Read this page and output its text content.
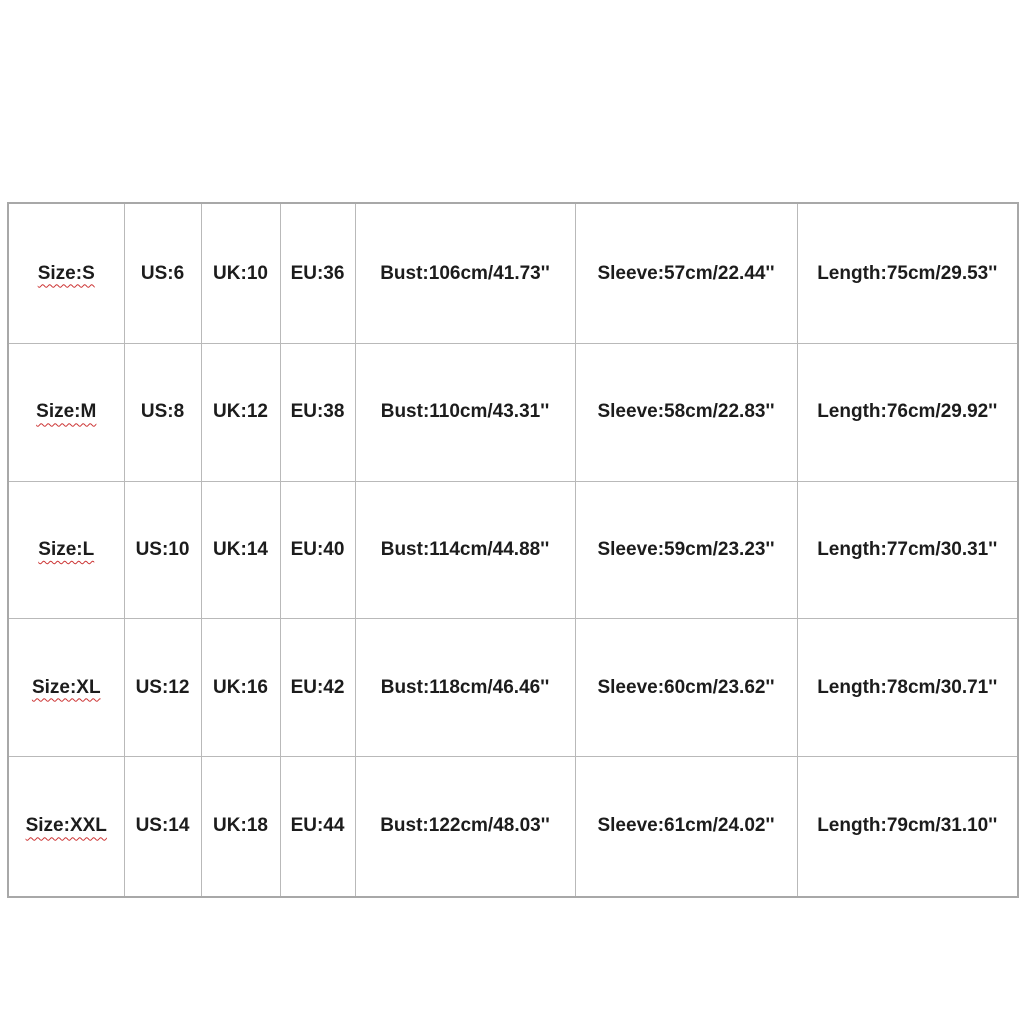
Size:S	US:6	UK:10	EU:36	Bust:106cm/41.73''	Sleeve:57cm/22.44''	Length:75cm/29.53''
Size:M	US:8	UK:12	EU:38	Bust:110cm/43.31''	Sleeve:58cm/22.83''	Length:76cm/29.92''
Size:L	US:10	UK:14	EU:40	Bust:114cm/44.88''	Sleeve:59cm/23.23''	Length:77cm/30.31''
Size:XL	US:12	UK:16	EU:42	Bust:118cm/46.46''	Sleeve:60cm/23.62''	Length:78cm/30.71''
Size:XXL	US:14	UK:18	EU:44	Bust:122cm/48.03''	Sleeve:61cm/24.02''	Length:79cm/31.10''
